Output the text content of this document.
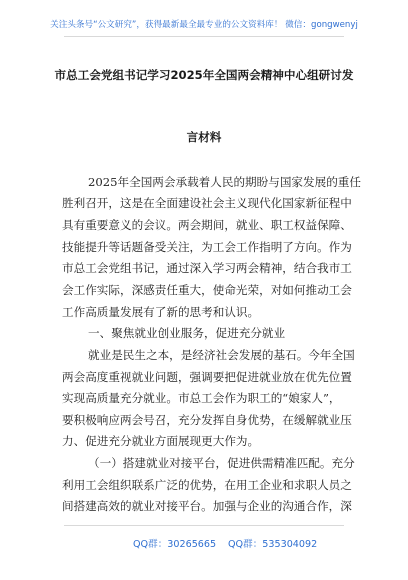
关注头条号“公文研究”，获得最新最全最专业的公文资料库！ 微信：gongwenyj
市总工会党组书记学习2025年全国两会精神中心组研讨发
言材料
2025年全国两会承载着人民的期盼与国家发展的重任
胜利召开，这是在全面建设社会主义现代化国家新征程中
具有重要意义的会议。两会期间，就业、职工权益保障、
技能提升等话题备受关注，为工会工作指明了方向。作为
市总工会党组书记，通过深入学习两会精神，结合我市工
会工作实际，深感责任重大，使命光荣，对如何推动工会
工作高质量发展有了新的思考和认识。
一、聚焦就业创业服务，促进充分就业
就业是民生之本，是经济社会发展的基石。今年全国
两会高度重视就业问题，强调要把促进就业放在优先位置
实现高质量充分就业。市总工会作为职工的“娘家人”，
要积极响应两会号召，充分发挥自身优势，在缓解就业压
力、促进充分就业方面展现更大作为。
（一）搭建就业对接平台，促进供需精准匹配。充分
利用工会组织联系广泛的优势，在用工企业和求职人员之
间搭建高效的就业对接平台。加强与企业的沟通合作，深
QQ群：30265665 QQ群：535304092
